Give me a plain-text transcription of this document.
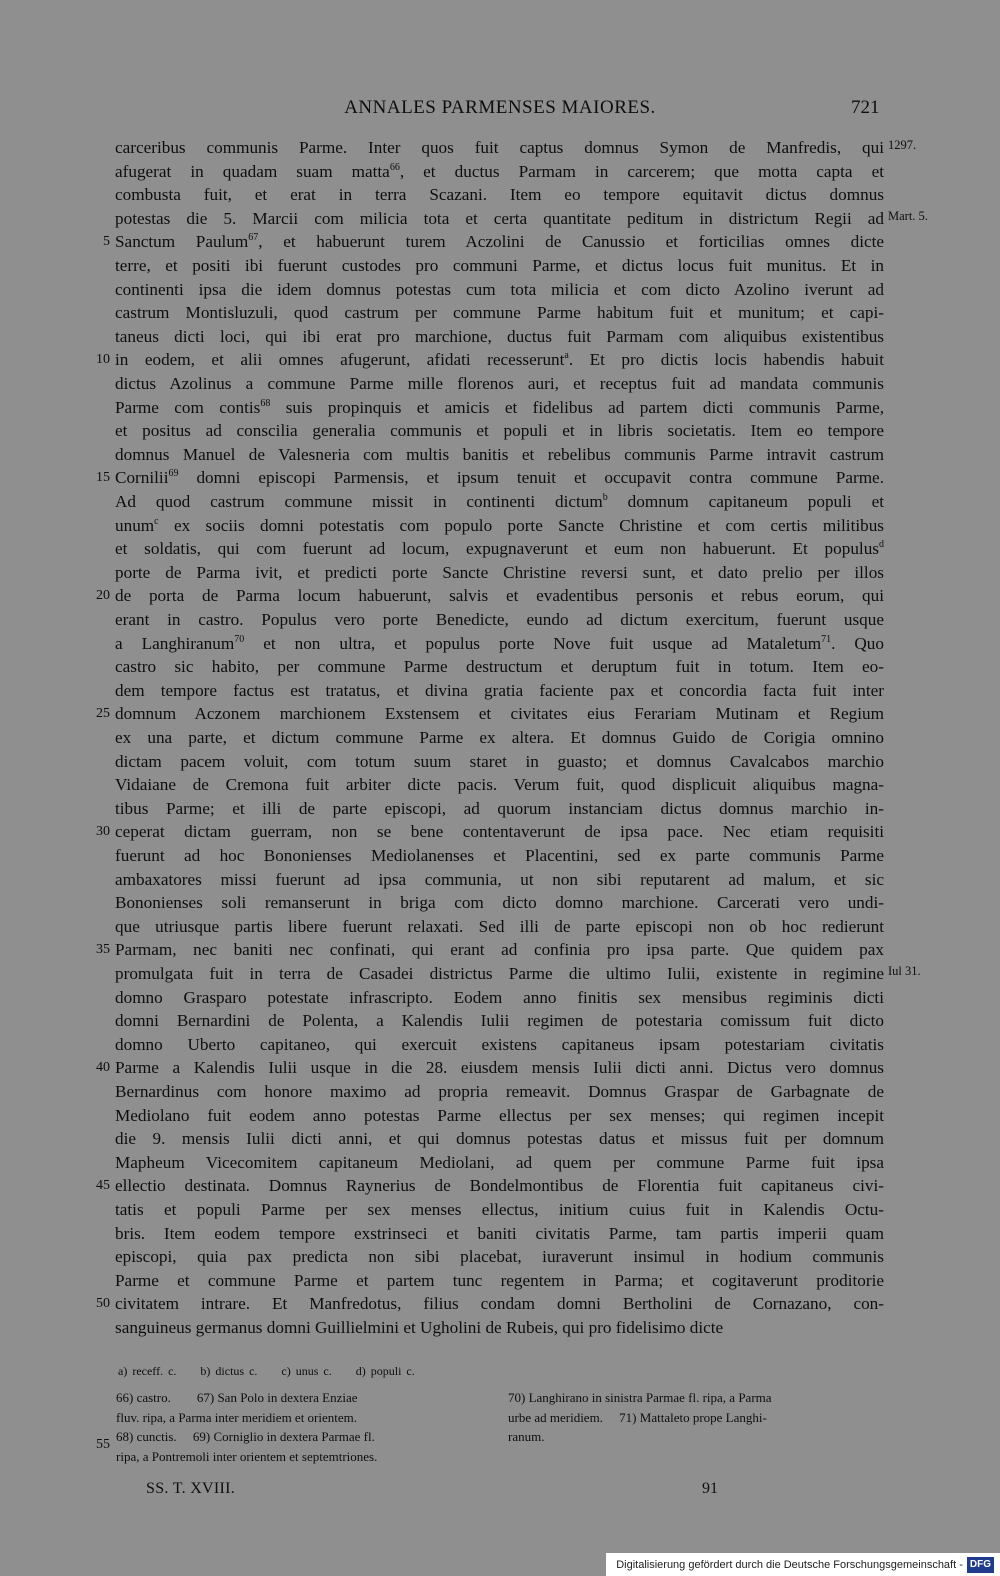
ANNALES PARMENSES MAIORES.	721
carceribus communis Parme. Inter quos fuit captus domnus Symon de Manfredis, qui
afugerat in quadam suam matta$^{66}$, et ductus Parmam in carcerem; que motta capta et
combusta fuit, et erat in terra Scazani. Item eo tempore equitavit dictus domnus
potestas die 5. Marcii com milicia tota et certa quantitate peditum in districtum Regii ad
Sanctum Paulum$^{67}$, et habuerunt turem Aczolini de Canussio et forticilias omnes dicte
terre, et positi ibi fuerunt custodes pro communi Parme, et dictus locus fuit munitus. Et in
continenti ipsa die idem domnus potestas cum tota milicia et com dicto Azolino iverunt ad
castrum Montisluzuli, quod castrum per commune Parme habitum fuit et munitum; et capi-
taneus dicti loci, qui ibi erat pro marchione, ductus fuit Parmam com aliquibus existentibus
in eodem, et alii omnes afugerunt, afidati recesserunt$^a$. Et pro dictis locis habendis habuit
dictus Azolinus a commune Parme mille florenos auri, et receptus fuit ad mandata communis
Parme com contis$^{68}$ suis propinquis et amicis et fidelibus ad partem dicti communis Parme,
et positus ad conscilia generalia communis et populi et in libris societatis. Item eo tempore
domnus Manuel de Valesneria com multis banitis et rebelibus communis Parme intravit castrum
Cornilii$^{69}$ domni episcopi Parmensis, et ipsum tenuit et occupavit contra commune Parme.
Ad quod castrum commune missit in continenti dictum$^b$ domnum capitaneum populi et
unum$^c$ ex sociis domni potestatis com populo porte Sancte Christine et com certis militibus
et soldatis, qui com fuerunt ad locum, expugnaverunt et eum non habuerunt. Et populus$^d$
porte de Parma ivit, et predicti porte Sancte Christine reversi sunt, et dato prelio per illos
de porta de Parma locum habuerunt, salvis et evadentibus personis et rebus eorum, qui
erant in castro. Populus vero porte Benedicte, eundo ad dictum exercitum, fuerunt usque
a Langhiranum$^{70}$ et non ultra, et populus porte Nove fuit usque ad Mataletum$^{71}$. Quo
castro sic habito, per commune Parme destructum et deruptum fuit in totum. Item eo-
dem tempore factus est tratatus, et divina gratia faciente pax et concordia facta fuit inter
domnum Aczonem marchionem Exstensem et civitates eius Ferariam Mutinam et Regium
ex una parte, et dictum commune Parme ex altera. Et domnus Guido de Corigia omnino
dictam pacem voluit, com totum suum staret in guasto; et domnus Cavalcabos marchio
Vidaiane de Cremona fuit arbiter dicte pacis. Verum fuit, quod displicuit aliquibus magna-
tibus Parme; et illi de parte episcopi, ad quorum instanciam dictus domnus marchio in-
ceperat dictam guerram, non se bene contentaverunt de ipsa pace. Nec etiam requisiti
fuerunt ad hoc Bononienses Mediolanenses et Placentini, sed ex parte communis Parme
ambaxatores missi fuerunt ad ipsa communia, ut non sibi reputarent ad malum, et sic
Bononienses soli remanserunt in briga com dicto domno marchione. Carcerati vero undi-
que utriusque partis libere fuerunt relaxati. Sed illi de parte episcopi non ob hoc redierunt
Parmam, nec baniti nec confinati, qui erant ad confinia pro ipsa parte. Que quidem pax
promulgata fuit in terra de Casadei districtus Parme die ultimo Iulii, existente in regimine
domno Grasparo potestate infrascripto. Eodem anno finitis sex mensibus regiminis dicti
domni Bernardini de Polenta, a Kalendis Iulii regimen de potestaria comissum fuit dicto
domno Uberto capitaneo, qui exercuit existens capitaneus ipsam potestariam civitatis
Parme a Kalendis Iulii usque in die 28. eiusdem mensis Iulii dicti anni. Dictus vero domnus
Bernardinus com honore maximo ad propria remeavit. Domnus Graspar de Garbagnate de
Mediolano fuit eodem anno potestas Parme ellectus per sex menses; qui regimen incepit
die 9. mensis Iulii dicti anni, et qui domnus potestas datus et missus fuit per domnum
Mapheum Vicecomitem capitaneum Mediolani, ad quem per commune Parme fuit ipsa
ellectio destinata. Domnus Raynerius de Bondelmontibus de Florentia fuit capitaneus civi-
tatis et populi Parme per sex menses ellectus, initium cuius fuit in Kalendis Octu-
bris. Item eodem tempore exstrinseci et baniti civitatis Parme, tam partis imperii quam
episcopi, quia pax predicta non sibi placebat, iuraverunt insimul in hodium communis
Parme et commune Parme et partem tunc regentem in Parma; et cogitaverunt proditorie
civitatem intrare. Et Manfredotus, filius condam domni Bertholini de Cornazano, con-
sanguineus germanus domni Guillielmini et Ugholini de Rubeis, qui pro fidelisimo dicte
5
10
15
20
25
30
35
40
45
50
1297.
Mart. 5.
Iul 31.
a) receff. c. b) dictus c. c) unus c. d) populi c.
66) castro.        67) San Polo in dextera Enziae
fluv. ripa, a Parma inter meridiem et orientem.
68) cunctis.     69) Corniglio in dextera Parmae fl.
ripa, a Pontremoli inter orientem et septemtriones.
70) Langhirano in sinistra Parmae fl. ripa, a Parma
urbe ad meridiem.     71) Mattaleto prope Langhi-
ranum.
55
SS. T. XVIII.	91
Digitalisierung gefördert durch die Deutsche Forschungsgemeinschaft - DFG
